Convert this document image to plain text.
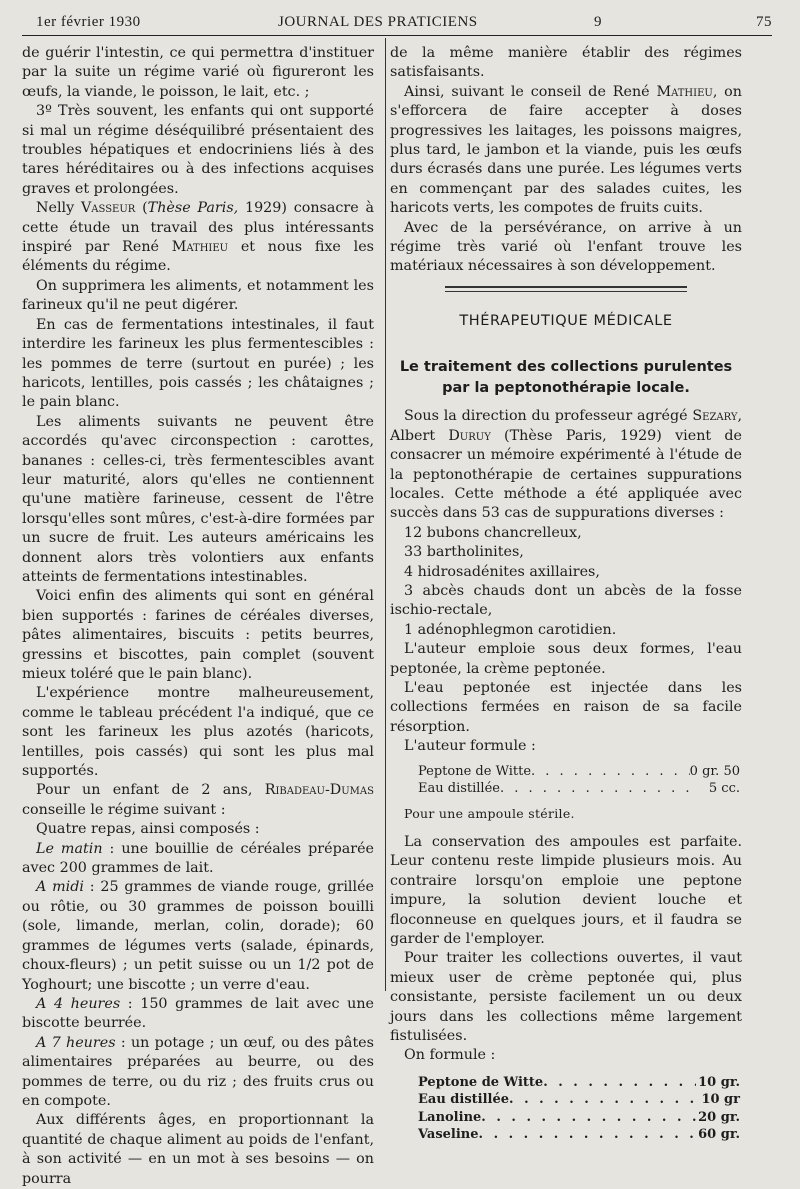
1er février 1930	JOURNAL DES PRATICIENS	9	75

de guérir l'intestin, ce qui permettra d'instituer par la suite un régime varié où figureront les œufs, la viande, le poisson, le lait, etc. ;

3º Très souvent, les enfants qui ont supporté si mal un régime déséquilibré présentaient des troubles hépatiques et endocriniens liés à des tares héréditaires ou à des infections acquises graves et prolongées.

Nelly Vasseur (Thèse Paris, 1929) consacre à cette étude un travail des plus intéressants inspiré par René Mathieu et nous fixe les éléments du régime.

On supprimera les aliments, et notamment les farineux qu'il ne peut digérer.

En cas de fermentations intestinales, il faut interdire les farineux les plus fermentescibles : les pommes de terre (surtout en purée) ; les haricots, lentilles, pois cassés ; les châtaignes ; le pain blanc.

Les aliments suivants ne peuvent être accordés qu'avec circonspection : carottes, bananes : celles-ci, très fermentescibles avant leur maturité, alors qu'elles ne contiennent qu'une matière farineuse, cessent de l'être lorsqu'elles sont mûres, c'est-à-dire formées par un sucre de fruit. Les auteurs américains les donnent alors très volontiers aux enfants atteints de fermentations intestinables.

Voici enfin des aliments qui sont en général bien supportés : farines de céréales diverses, pâtes alimentaires, biscuits : petits beurres, gressins et biscottes, pain complet (souvent mieux toléré que le pain blanc).

L'expérience montre malheureusement, comme le tableau précédent l'a indiqué, que ce sont les farineux les plus azotés (haricots, lentilles, pois cassés) qui sont les plus mal supportés.

Pour un enfant de 2 ans, Ribadeau-Dumas conseille le régime suivant :

Quatre repas, ainsi composés :

Le matin : une bouillie de céréales préparée avec 200 grammes de lait.

A midi : 25 grammes de viande rouge, grillée ou rôtie, ou 30 grammes de poisson bouilli (sole, limande, merlan, colin, dorade); 60 grammes de légumes verts (salade, épinards, choux-fleurs) ; un petit suisse ou un 1/2 pot de Yoghourt; une biscotte ; un verre d'eau.

A 4 heures : 150 grammes de lait avec une biscotte beurrée.

A 7 heures : un potage ; un œuf, ou des pâtes alimentaires préparées au beurre, ou des pommes de terre, ou du riz ; des fruits crus ou en compote.

Aux différents âges, en proportionnant la quantité de chaque aliment au poids de l'enfant, à son activité — en un mot à ses besoins — on pourra

de la même manière établir des régimes satisfaisants.

Ainsi, suivant le conseil de René Mathieu, on s'efforcera de faire accepter à doses progressives les laitages, les poissons maigres, plus tard, le jambon et la viande, puis les œufs durs écrasés dans une purée. Les légumes verts en commençant par des salades cuites, les haricots verts, les compotes de fruits cuits.

Avec de la persévérance, on arrive à un régime très varié où l'enfant trouve les matériaux nécessaires à son développement.

THÉRAPEUTIQUE MÉDICALE
Le traitement des collections purulentes par la peptonothérapie locale.

Sous la direction du professeur agrégé Sezary, Albert Duruy (Thèse Paris, 1929) vient de consacrer un mémoire expérimenté à l'étude de la peptonothérapie de certaines suppurations locales. Cette méthode a été appliquée avec succès dans 53 cas de suppurations diverses :

12 bubons chancrelleux,

33 bartholinites,

4 hidrosadénites axillaires,

3 abcès chauds dont un abcès de la fosse ischio-rectale,

1 adénophlegmon carotidien.

L'auteur emploie sous deux formes, l'eau peptonée, la crème peptonée.

L'eau peptonée est injectée dans les collections fermées en raison de sa facile résorption.

L'auteur formule :

Peptone de Witte . . .	0 gr. 50
Eau distillée . . .	5 cc.
Pour une ampoule stérile.

La conservation des ampoules est parfaite. Leur contenu reste limpide plusieurs mois. Au contraire lorsqu'on emploie une peptone impure, la solution devient louche et floconneuse en quelques jours, et il faudra se garder de l'employer.

Pour traiter les collections ouvertes, il vaut mieux user de crème peptonée qui, plus consistante, persiste facilement un ou deux jours dans les collections même largement fistulisées.

On formule :

Peptone de Witte . . .	10 gr.
Eau distillée . . .	10 gr
Lanoline . . .	20 gr.
Vaseline . . .	60 gr.
